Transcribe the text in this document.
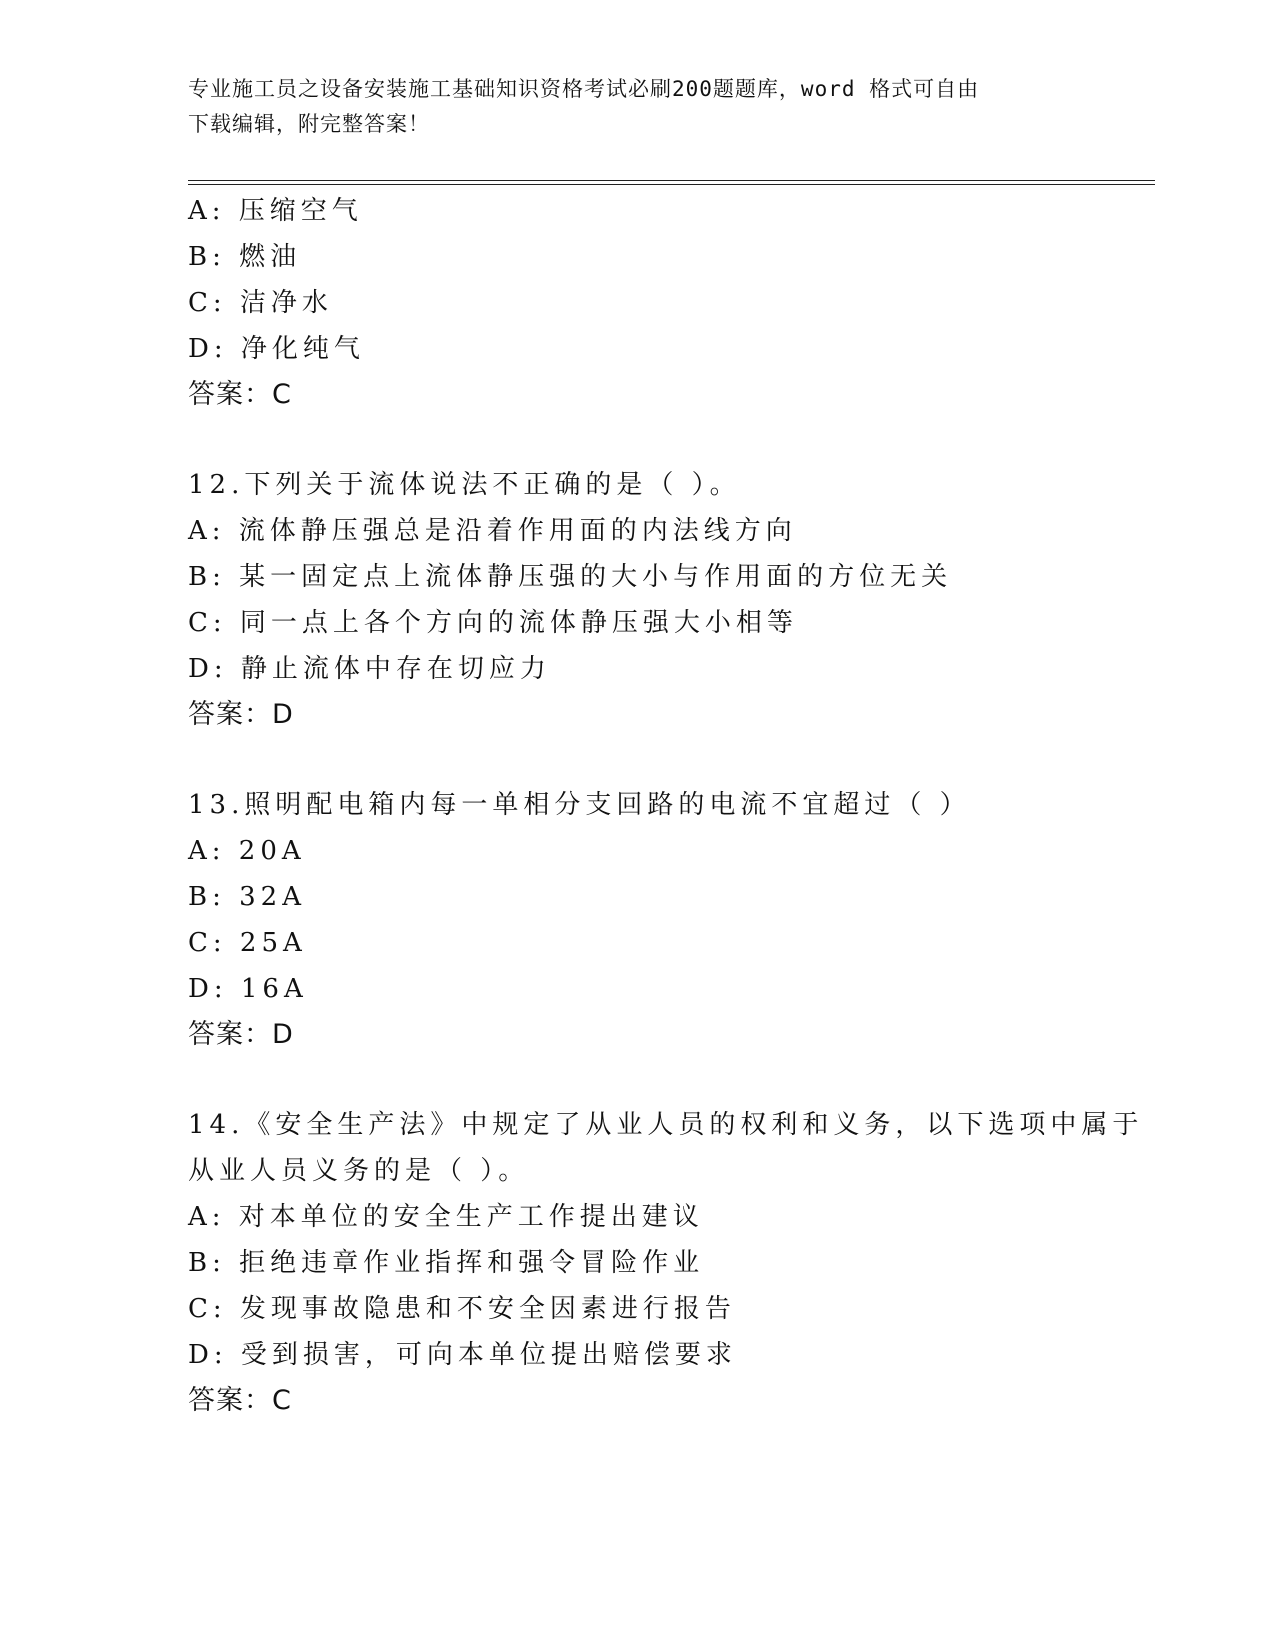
专业施工员之设备安装施工基础知识资格考试必刷200题题库，word 格式可自由
下载编辑，附完整答案！
A: 压缩空气
B: 燃油
C: 洁净水
D: 净化纯气
答案：C
12.下列关于流体说法不正确的是（ ）。
A: 流体静压强总是沿着作用面的内法线方向
B: 某一固定点上流体静压强的大小与作用面的方位无关
C: 同一点上各个方向的流体静压强大小相等
D: 静止流体中存在切应力
答案：D
13.照明配电箱内每一单相分支回路的电流不宜超过（ ）
A: 20A
B: 32A
C: 25A
D: 16A
答案：D
14.《安全生产法》中规定了从业人员的权利和义务，以下选项中属于
从业人员义务的是（ ）。
A: 对本单位的安全生产工作提出建议
B: 拒绝违章作业指挥和强令冒险作业
C: 发现事故隐患和不安全因素进行报告
D: 受到损害，可向本单位提出赔偿要求
答案：C
